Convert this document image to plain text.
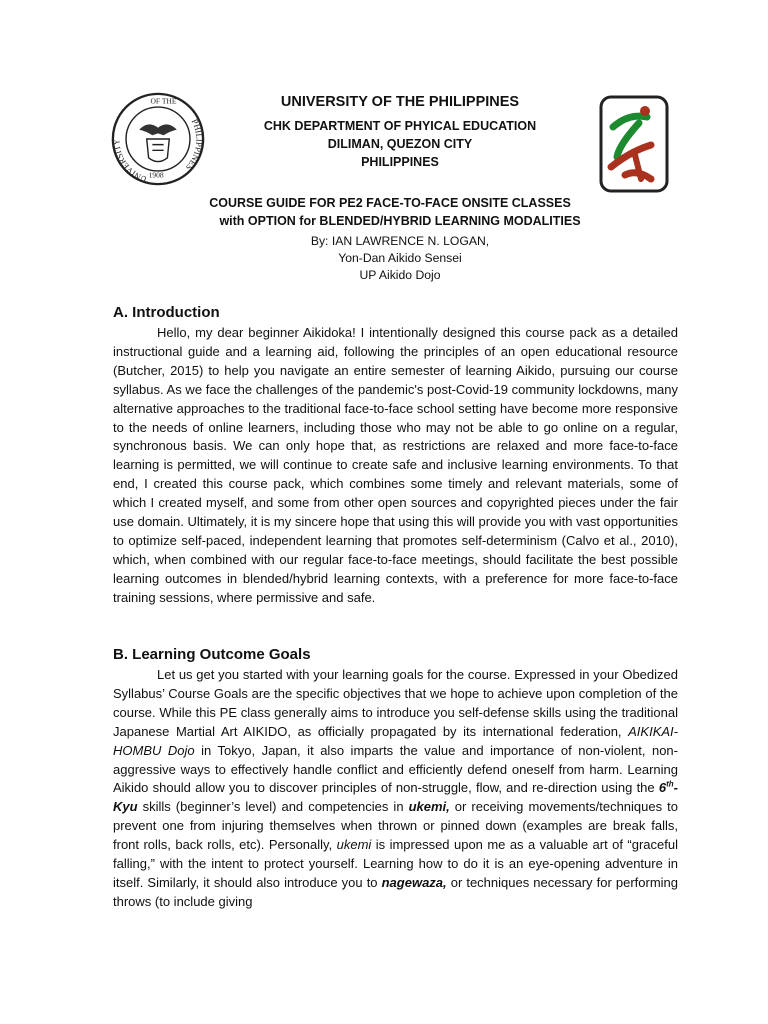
UNIVERSITY
PHILIPPINES
OF THE
1908
UNIVERSITY OF THE PHILIPPINES
CHK DEPARTMENT OF PHYICAL EDUCATION
DILIMAN, QUEZON CITY
PHILIPPINES
COURSE GUIDE FOR PE2 FACE-TO-FACE ONSITE CLASSES
with OPTION for BLENDED/HYBRID LEARNING MODALITIES
By: IAN LAWRENCE N. LOGAN,
Yon-Dan Aikido Sensei
UP Aikido Dojo
A. Introduction

Hello, my dear beginner Aikidoka! I intentionally designed this course pack as a detailed instructional guide and a learning aid, following the principles of an open educational resource (Butcher, 2015) to help you navigate an entire semester of learning Aikido, pursuing our course syllabus. As we face the challenges of the pandemic's post-Covid-19 community lockdowns, many alternative approaches to the traditional face-to-face school setting have become more responsive to the needs of online learners, including those who may not be able to go online on a regular, synchronous basis. We can only hope that, as restrictions are relaxed and more face-to-face learning is permitted, we will continue to create safe and inclusive learning environments. To that end, I created this course pack, which combines some timely and relevant materials, some of which I created myself, and some from other open sources and copyrighted pieces under the fair use domain. Ultimately, it is my sincere hope that using this will provide you with vast opportunities to optimize self-paced, independent learning that promotes self-determinism (Calvo et al., 2010), which, when combined with our regular face-to-face meetings, should facilitate the best possible learning outcomes in blended/hybrid learning contexts, with a preference for more face-to-face training sessions, where permissive and safe.

B. Learning Outcome Goals

Let us get you started with your learning goals for the course. Expressed in your Obedized Syllabus’ Course Goals are the specific objectives that we hope to achieve upon completion of the course. While this PE class generally aims to introduce you self-defense skills using the traditional Japanese Martial Art AIKIDO, as officially propagated by its international federation, AIKIKAI-HOMBU Dojo in Tokyo, Japan, it also imparts the value and importance of non-violent, non-aggressive ways to effectively handle conflict and efficiently defend oneself from harm. Learning Aikido should allow you to discover principles of non-struggle, flow, and re-direction using the 6th-Kyu skills (beginner’s level) and competencies in ukemi, or receiving movements/techniques to prevent one from injuring themselves when thrown or pinned down (examples are break falls, front rolls, back rolls, etc). Personally, ukemi is impressed upon me as a valuable art of “graceful falling,” with the intent to protect yourself. Learning how to do it is an eye-opening adventure in itself. Similarly, it should also introduce you to nagewaza, or techniques necessary for performing throws (to include giving
